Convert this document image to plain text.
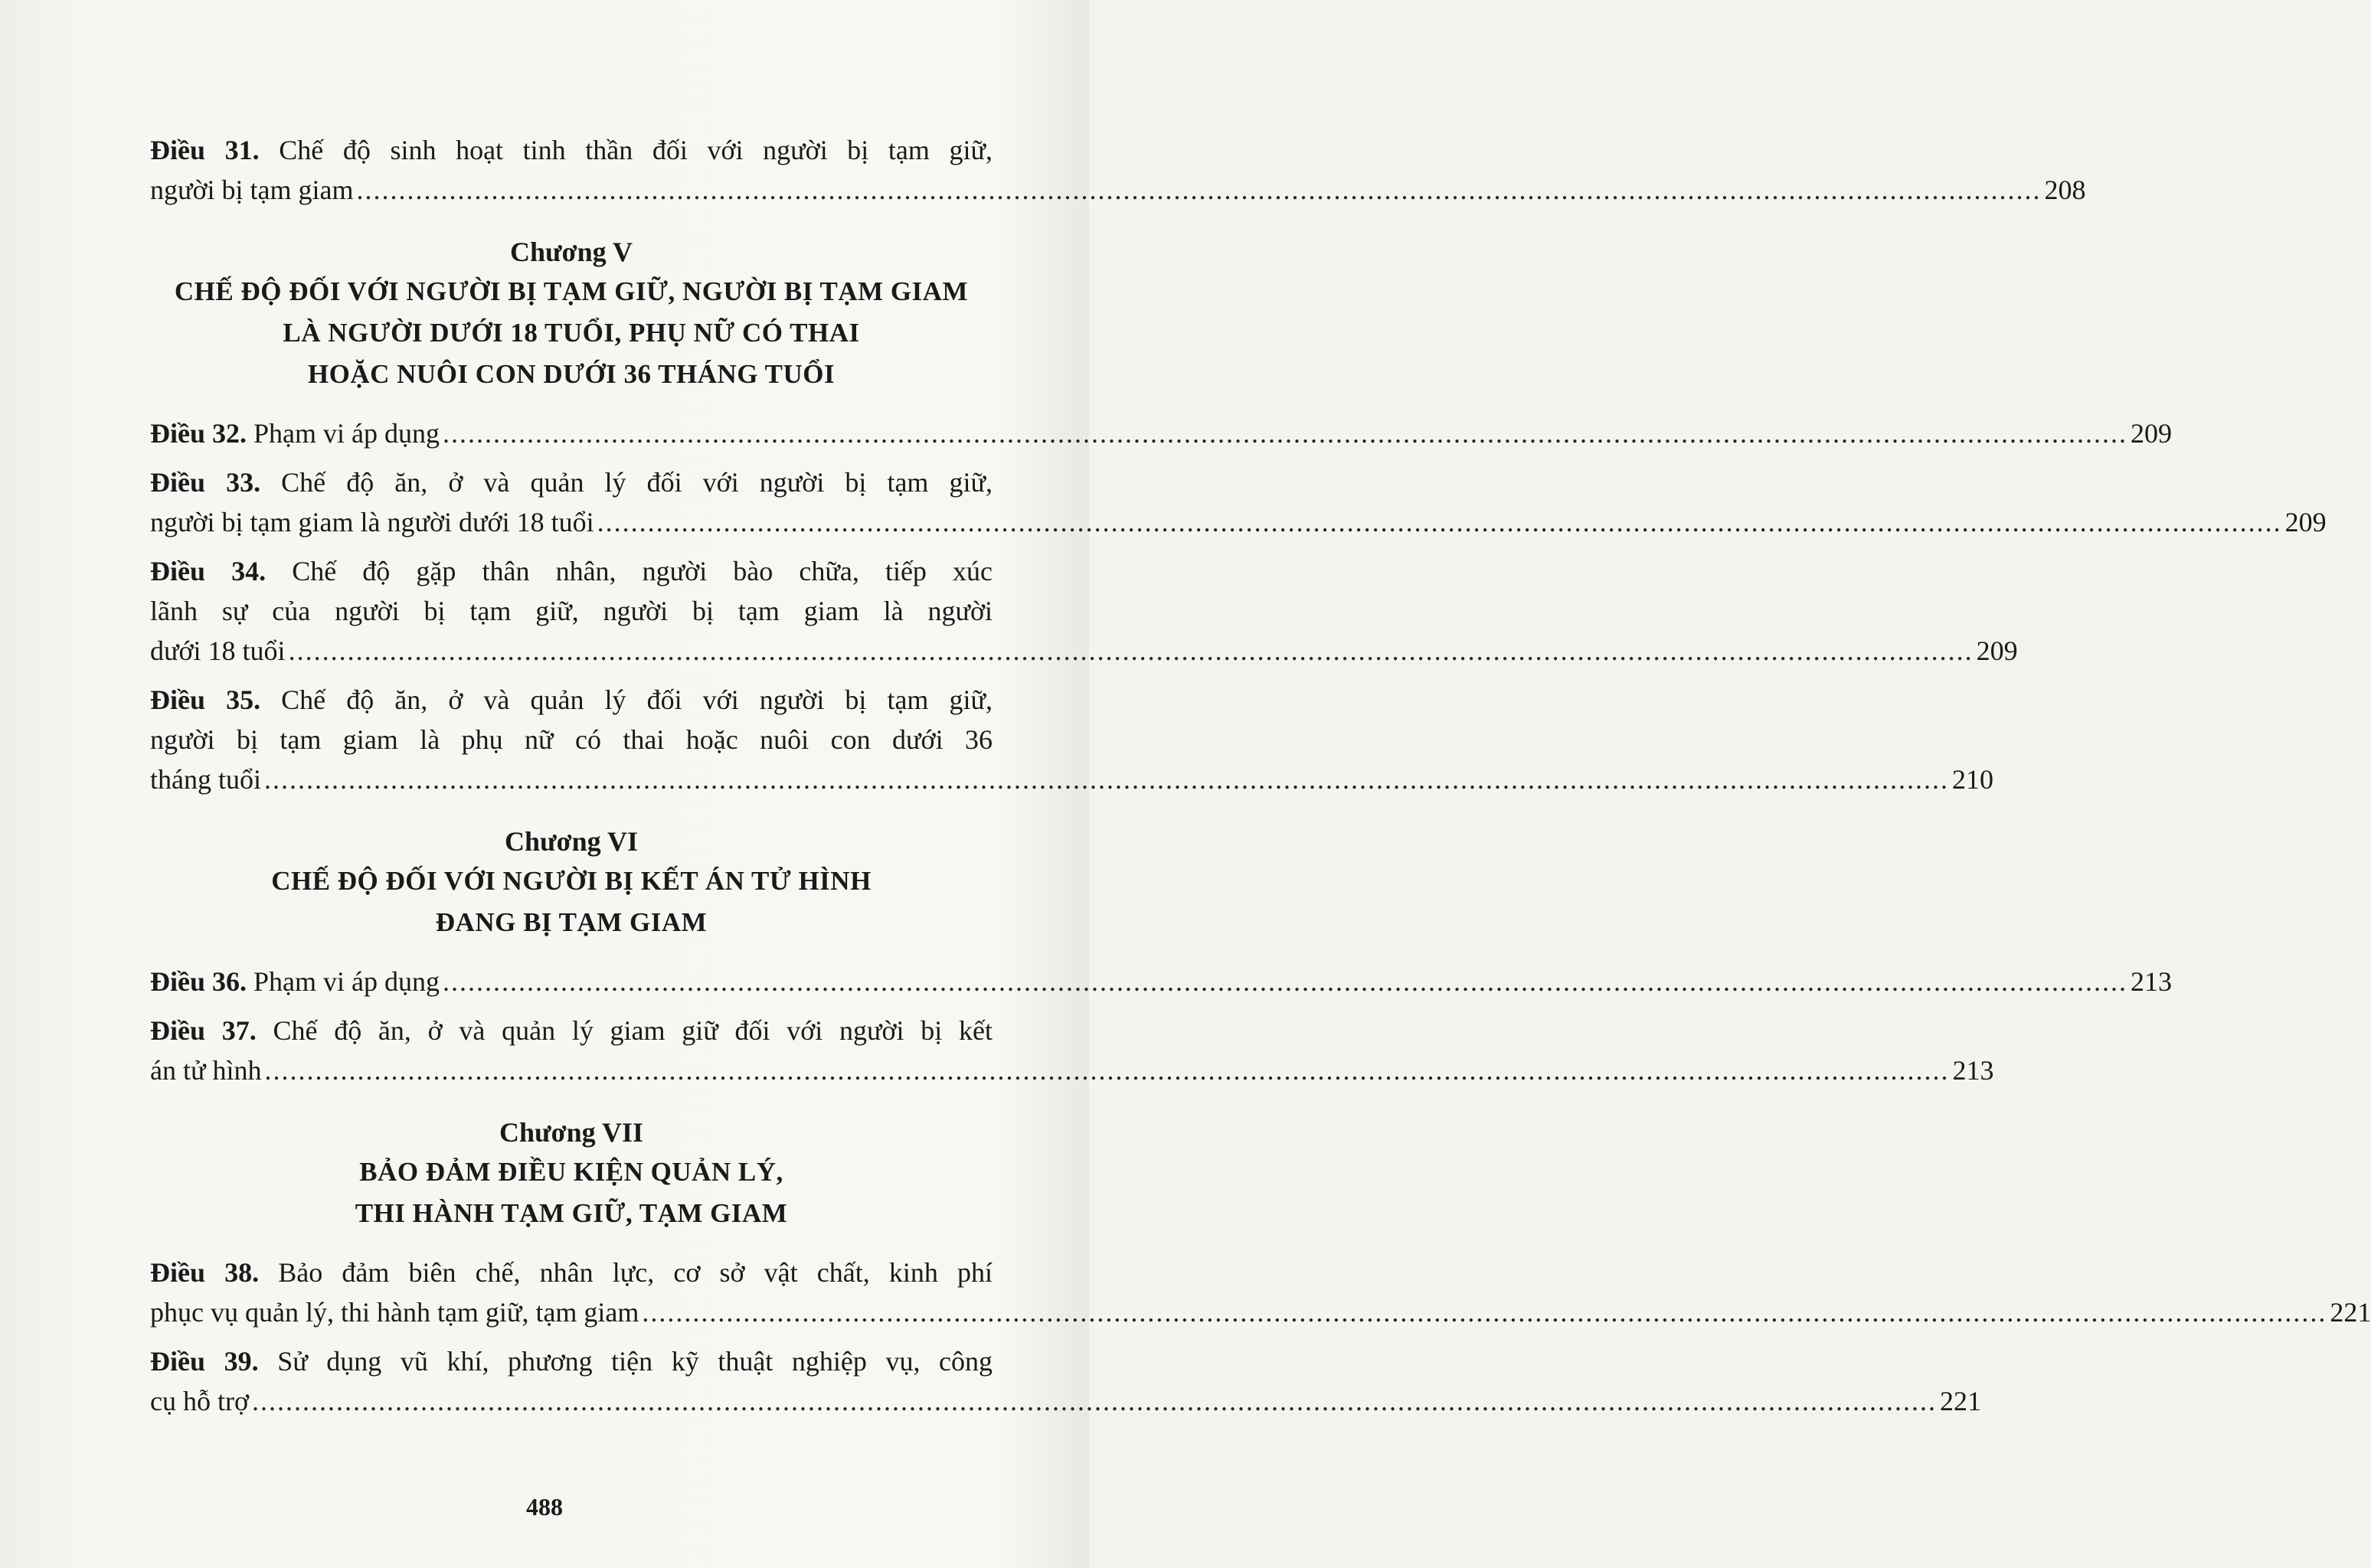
Điều 31. Chế độ sinh hoạt tinh thần đối với người bị tạm giữ,
người bị tạm giam ........................................................................................................................................................................................................ 208
Chương V
CHẾ ĐỘ ĐỐI VỚI NGƯỜI BỊ TẠM GIỮ, NGƯỜI BỊ TẠM GIAM
LÀ NGƯỜI DƯỚI 18 TUỔI, PHỤ NỮ CÓ THAI
HOẶC NUÔI CON DƯỚI 36 THÁNG TUỔI
Điều 32. Phạm vi áp dụng ........................................................................................................................................................................................................ 209
Điều 33. Chế độ ăn, ở và quản lý đối với người bị tạm giữ,
người bị tạm giam là người dưới 18 tuổi ........................................................................................................................................................................................................ 209
Điều 34. Chế độ gặp thân nhân, người bào chữa, tiếp xúc
lãnh sự của người bị tạm giữ, người bị tạm giam là người
dưới 18 tuổi ........................................................................................................................................................................................................ 209
Điều 35. Chế độ ăn, ở và quản lý đối với người bị tạm giữ,
người bị tạm giam là phụ nữ có thai hoặc nuôi con dưới 36
tháng tuổi ........................................................................................................................................................................................................ 210
Chương VI
CHẾ ĐỘ ĐỐI VỚI NGƯỜI BỊ KẾT ÁN TỬ HÌNH
ĐANG BỊ TẠM GIAM
Điều 36. Phạm vi áp dụng ........................................................................................................................................................................................................ 213
Điều 37. Chế độ ăn, ở và quản lý giam giữ đối với người bị kết
án tử hình ........................................................................................................................................................................................................ 213
Chương VII
BẢO ĐẢM ĐIỀU KIỆN QUẢN LÝ,
THI HÀNH TẠM GIỮ, TẠM GIAM
Điều 38. Bảo đảm biên chế, nhân lực, cơ sở vật chất, kinh phí
phục vụ quản lý, thi hành tạm giữ, tạm giam ........................................................................................................................................................................................................ 221
Điều 39. Sử dụng vũ khí, phương tiện kỹ thuật nghiệp vụ, công
cụ hỗ trợ ........................................................................................................................................................................................................ 221
488
